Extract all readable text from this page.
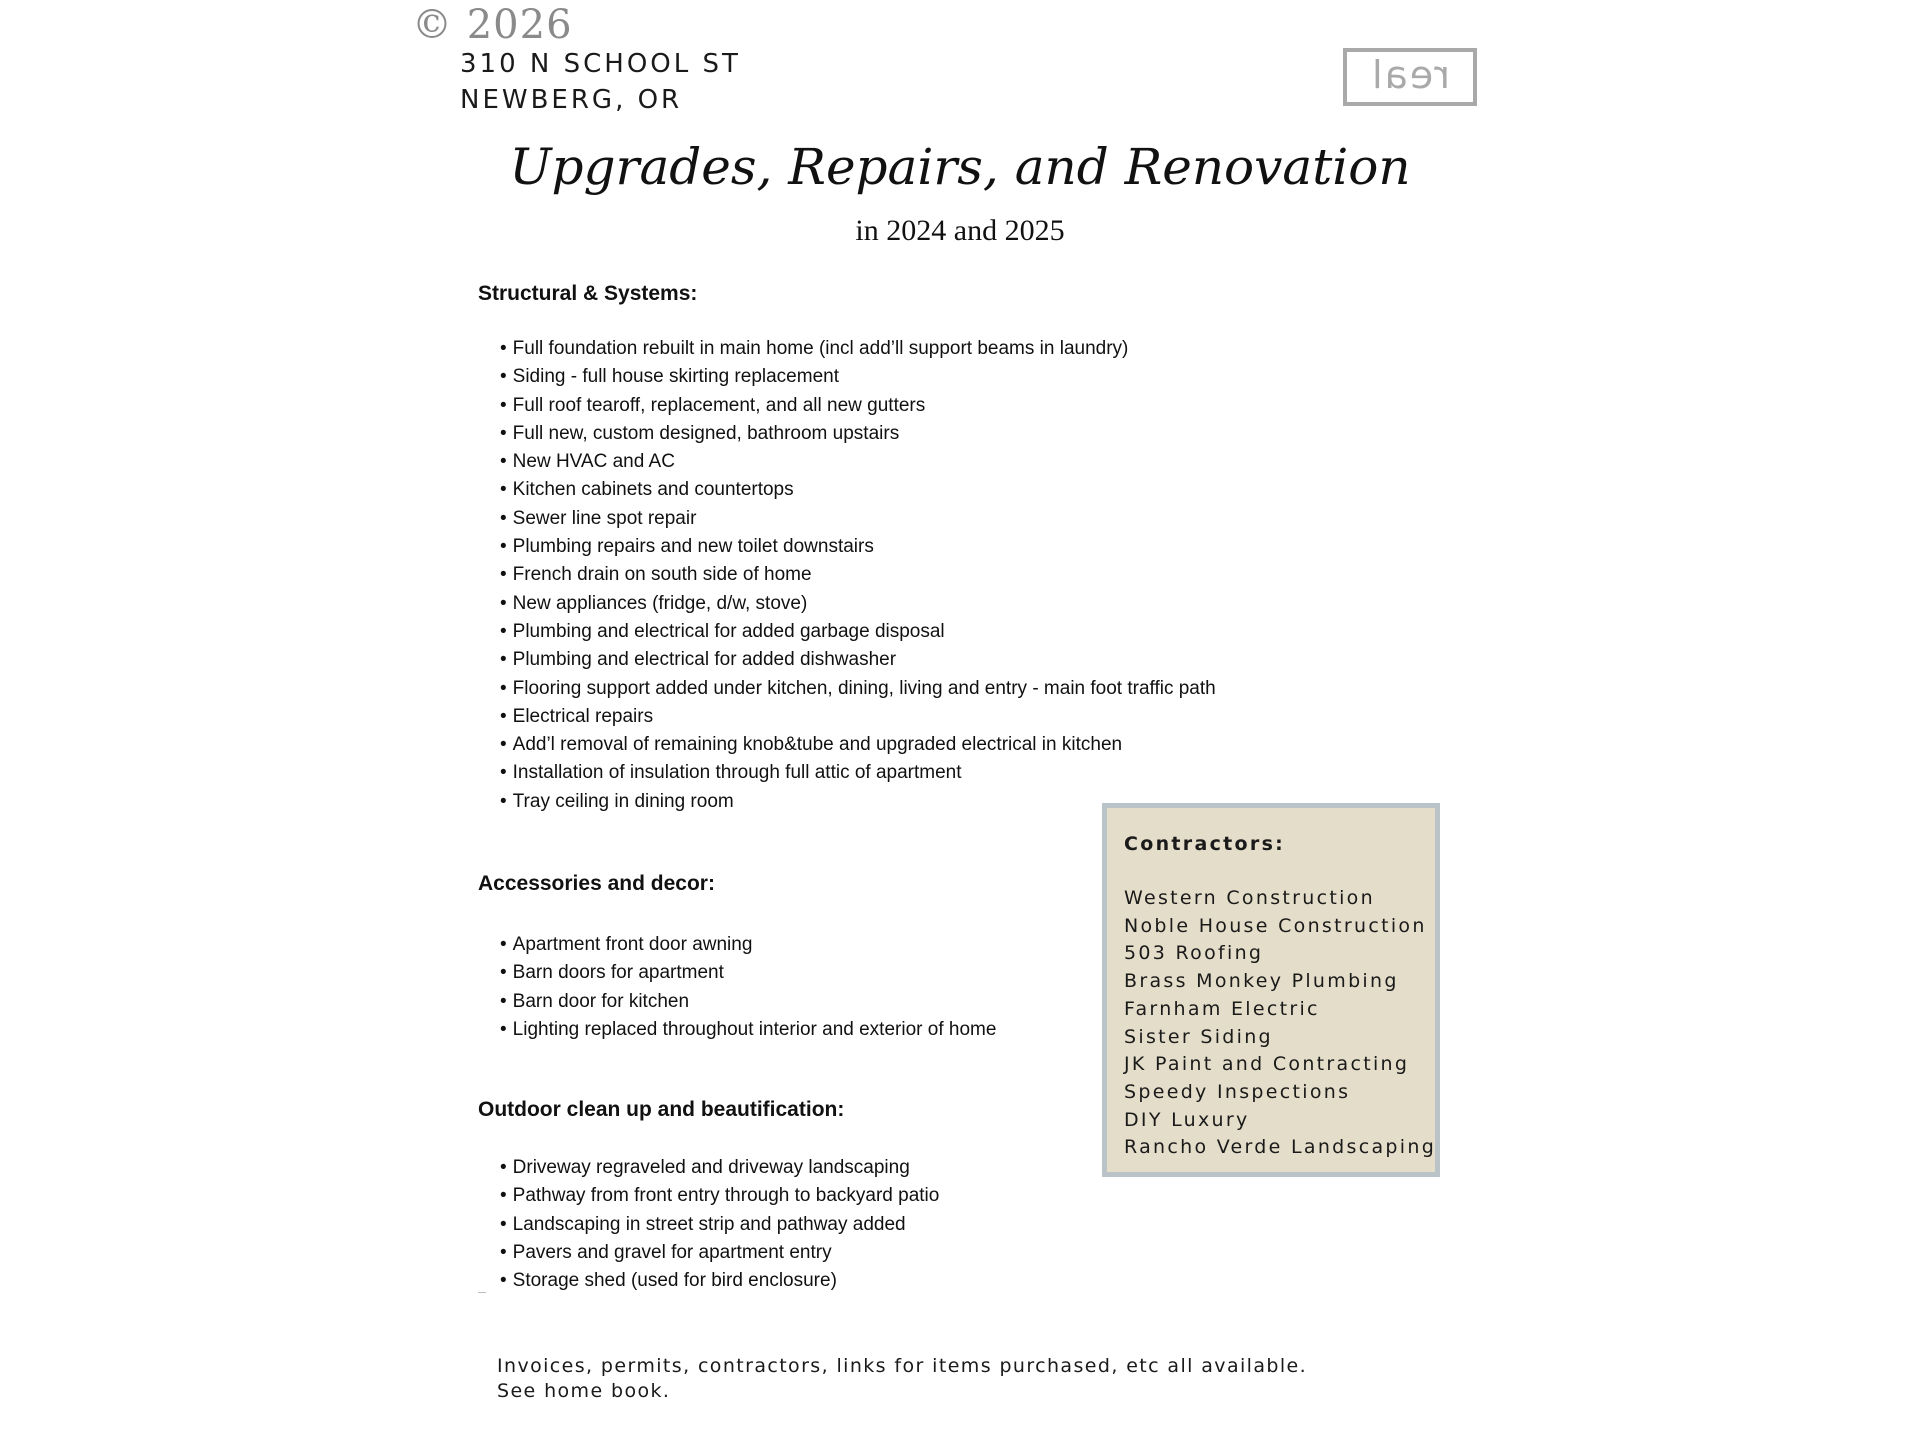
© 2026
310 N SCHOOL ST
NEWBERG, OR
real
Upgrades, Repairs, and Renovation
in 2024 and 2025
Structural & Systems:
• Full foundation rebuilt in main home (incl add’ll support beams in laundry)
• Siding - full house skirting replacement
• Full roof tearoff, replacement, and all new gutters
• Full new, custom designed, bathroom upstairs
• New HVAC and AC
• Kitchen cabinets and countertops
• Sewer line spot repair
• Plumbing repairs and new toilet downstairs
• French drain on south side of home
• New appliances (fridge, d/w, stove)
• Plumbing and electrical for added garbage disposal
• Plumbing and electrical for added dishwasher
• Flooring support added under kitchen, dining, living and entry - main foot traffic path
• Electrical repairs
• Add’l removal of remaining knob&tube and upgraded electrical in kitchen
• Installation of insulation through full attic of apartment
• Tray ceiling in dining room
Accessories and decor:
• Apartment front door awning
• Barn doors for apartment
• Barn door for kitchen
• Lighting replaced throughout interior and exterior of home
Outdoor clean up and beautification:
• Driveway regraveled and driveway landscaping
• Pathway from front entry through to backyard patio
• Landscaping in street strip and pathway added
• Pavers and gravel for apartment entry
• Storage shed (used for bird enclosure)
Contractors:
Western Construction
Noble House Construction
503 Roofing
Brass Monkey Plumbing
Farnham Electric
Sister Siding
JK Paint and Contracting
Speedy Inspections
DIY Luxury
Rancho Verde Landscaping
Invoices, permits, contractors, links for items purchased, etc all available.
See home book.
